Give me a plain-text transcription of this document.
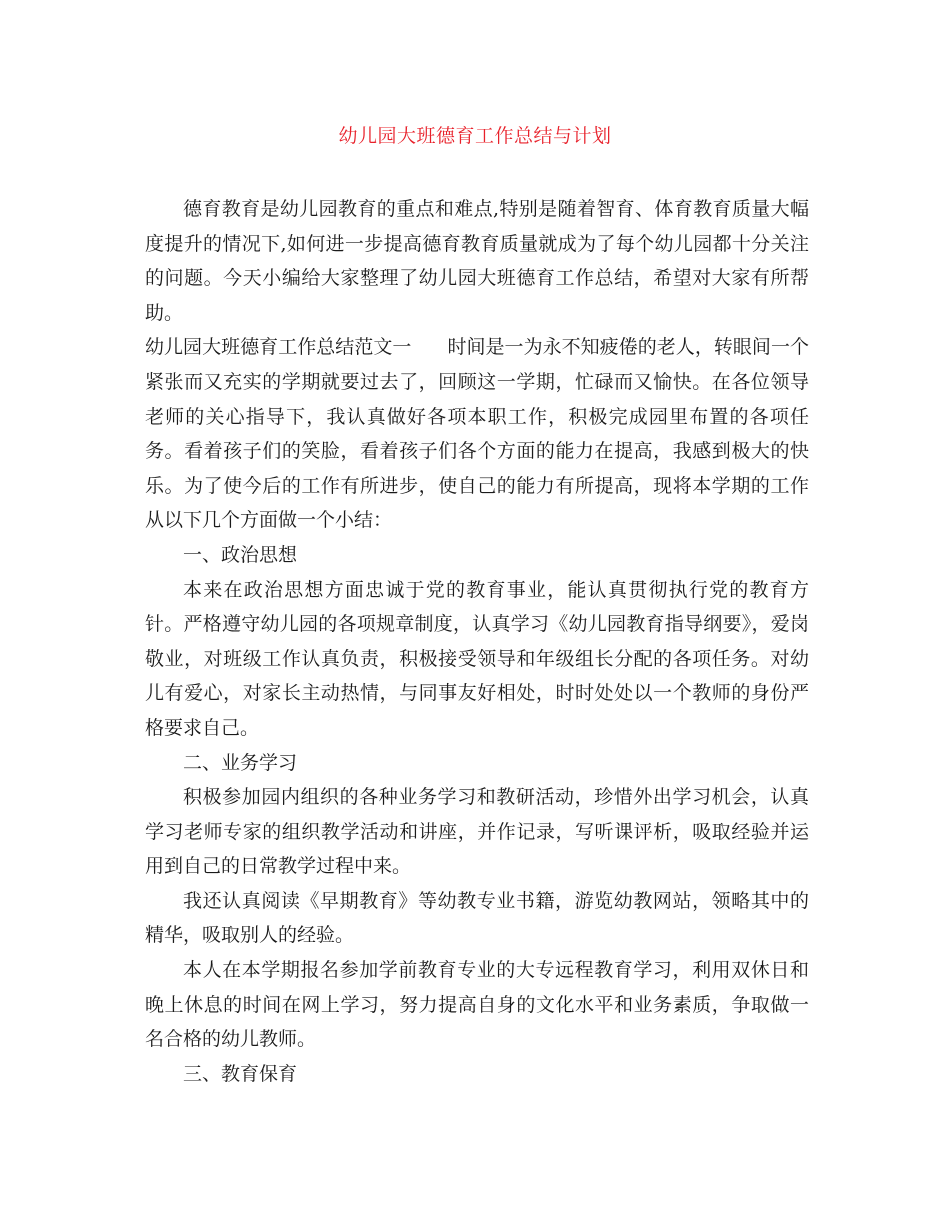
幼儿园大班德育工作总结与计划

德育教育是幼儿园教育的重点和难点,特别是随着智育、体育教育质量大幅度提升的情况下,如何进一步提高德育教育质量就成为了每个幼儿园都十分关注的问题。今天小编给大家整理了幼儿园大班德育工作总结，希望对大家有所帮助。

幼儿园大班德育工作总结范文一 时间是一为永不知疲倦的老人，转眼间一个紧张而又充实的学期就要过去了，回顾这一学期，忙碌而又愉快。在各位领导老师的关心指导下，我认真做好各项本职工作，积极完成园里布置的各项任务。看着孩子们的笑脸，看着孩子们各个方面的能力在提高，我感到极大的快乐。为了使今后的工作有所进步，使自己的能力有所提高，现将本学期的工作从以下几个方面做一个小结：

一、政治思想

本来在政治思想方面忠诚于党的教育事业，能认真贯彻执行党的教育方针。严格遵守幼儿园的各项规章制度，认真学习《幼儿园教育指导纲要》，爱岗敬业，对班级工作认真负责，积极接受领导和年级组长分配的各项任务。对幼儿有爱心，对家长主动热情，与同事友好相处，时时处处以一个教师的身份严格要求自己。

二、业务学习

积极参加园内组织的各种业务学习和教研活动，珍惜外出学习机会，认真学习老师专家的组织教学活动和讲座，并作记录，写听课评析，吸取经验并运用到自己的日常教学过程中来。

我还认真阅读《早期教育》等幼教专业书籍，游览幼教网站，领略其中的精华，吸取别人的经验。

本人在本学期报名参加学前教育专业的大专远程教育学习，利用双休日和晚上休息的时间在网上学习，努力提高自身的文化水平和业务素质，争取做一名合格的幼儿教师。

三、教育保育
